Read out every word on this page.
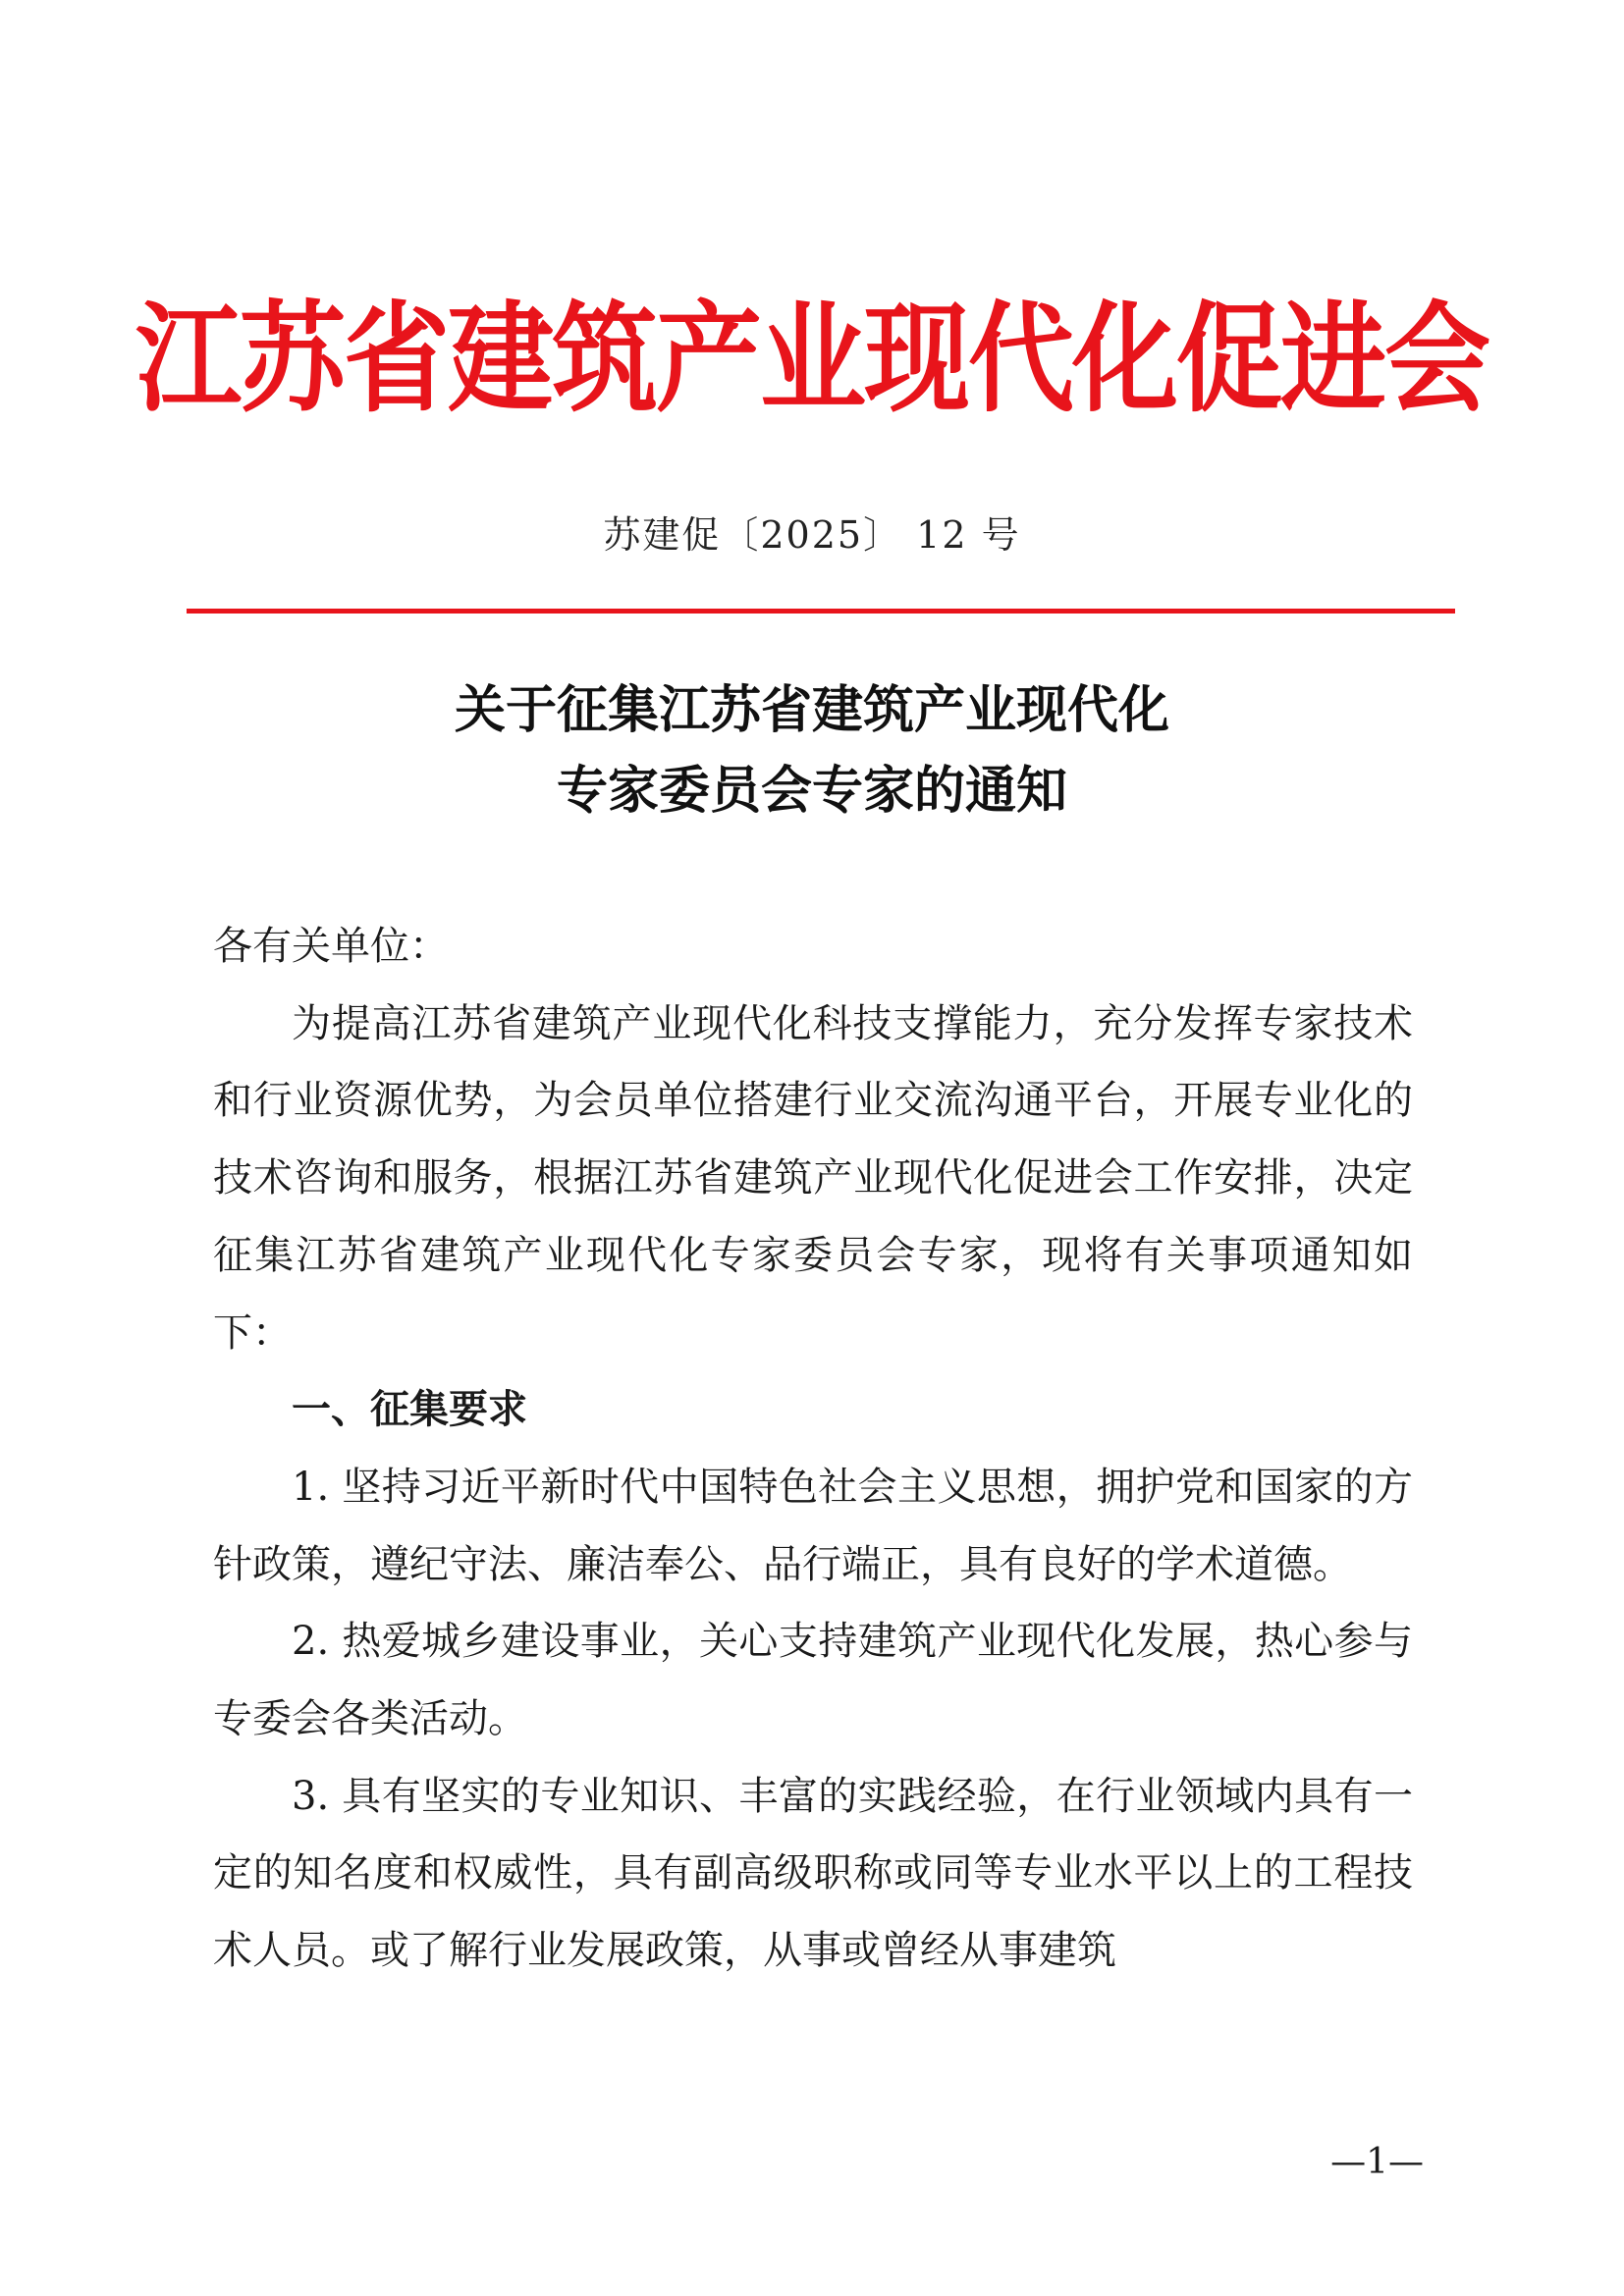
江苏省建筑产业现代化促进会
苏建促〔2025〕 12 号
关于征集江苏省建筑产业现代化
专家委员会专家的通知

各有关单位：

为提高江苏省建筑产业现代化科技支撑能力，充分发挥专家技术和行业资源优势，为会员单位搭建行业交流沟通平台，开展专业化的技术咨询和服务，根据江苏省建筑产业现代化促进会工作安排，决定征集江苏省建筑产业现代化专家委员会专家，现将有关事项通知如下：

一、征集要求

1. 坚持习近平新时代中国特色社会主义思想，拥护党和国家的方针政策，遵纪守法、廉洁奉公、品行端正，具有良好的学术道德。

2. 热爱城乡建设事业，关心支持建筑产业现代化发展，热心参与专委会各类活动。

3. 具有坚实的专业知识、丰富的实践经验，在行业领域内具有一定的知名度和权威性，具有副高级职称或同等专业水平以上的工程技术人员。或了解行业发展政策，从事或曾经从事建筑

—1—
